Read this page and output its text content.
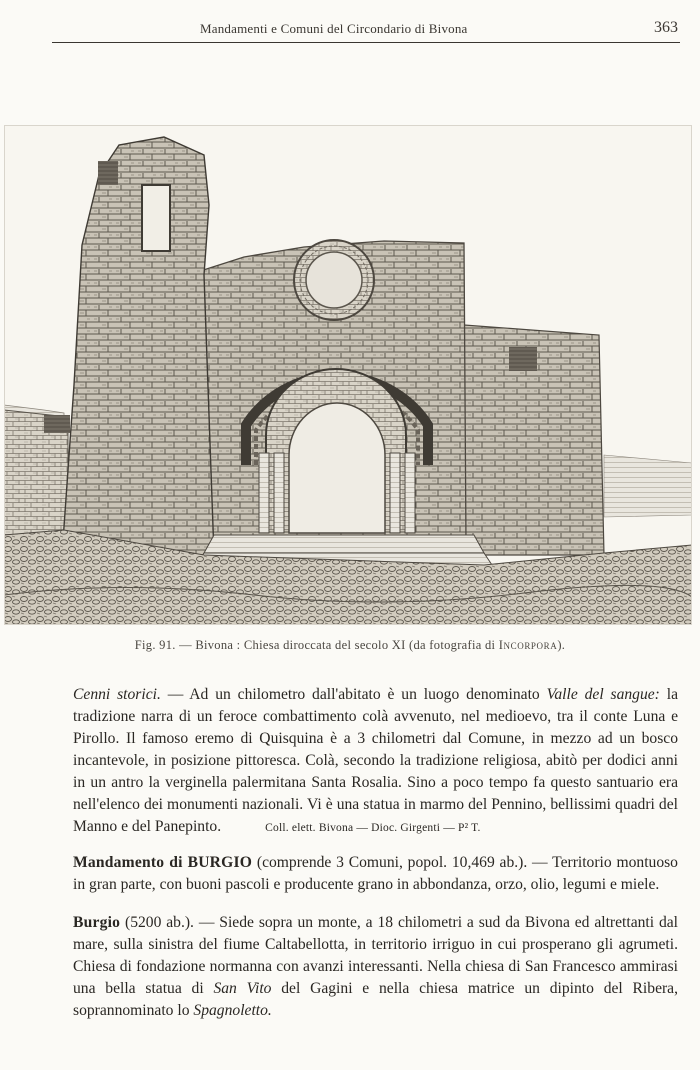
Mandamenti e Comuni del Circondario di Bivona	363
Fig. 91. — Bivona : Chiesa diroccata del secolo XI (da fotografia di Incorpora).
Cenni storici. — Ad un chilometro dall'abitato è un luogo denominato Valle del sangue: la tradizione narra di un feroce combattimento colà avvenuto, nel medioevo, tra il conte Luna e Pirollo. Il famoso eremo di Quisquina è a 3 chilometri dal Comune, in mezzo ad un bosco incantevole, in posizione pittoresca. Colà, secondo la tradizione religiosa, abitò per dodici anni in un antro la verginella palermitana Santa Rosalia. Sino a poco tempo fa questo santuario era nell'elenco dei monumenti nazionali. Vi è una statua in marmo del Pennino, bellissimi quadri del Manno e del Panepinto.	Coll. elett. Bivona — Dioc. Girgenti — P² T.
Mandamento di BURGIO (comprende 3 Comuni, popol. 10,469 ab.). — Territorio montuoso in gran parte, con buoni pascoli e producente grano in abbondanza, orzo, olio, legumi e miele.
Burgio (5200 ab.). — Siede sopra un monte, a 18 chilometri a sud da Bivona ed altrettanti dal mare, sulla sinistra del fiume Caltabellotta, in territorio irriguo in cui prosperano gli agrumeti. Chiesa di fondazione normanna con avanzi interessanti. Nella chiesa di San Francesco ammirasi una bella statua di San Vito del Gagini e nella chiesa matrice un dipinto del Ribera, soprannominato lo Spagnoletto.
